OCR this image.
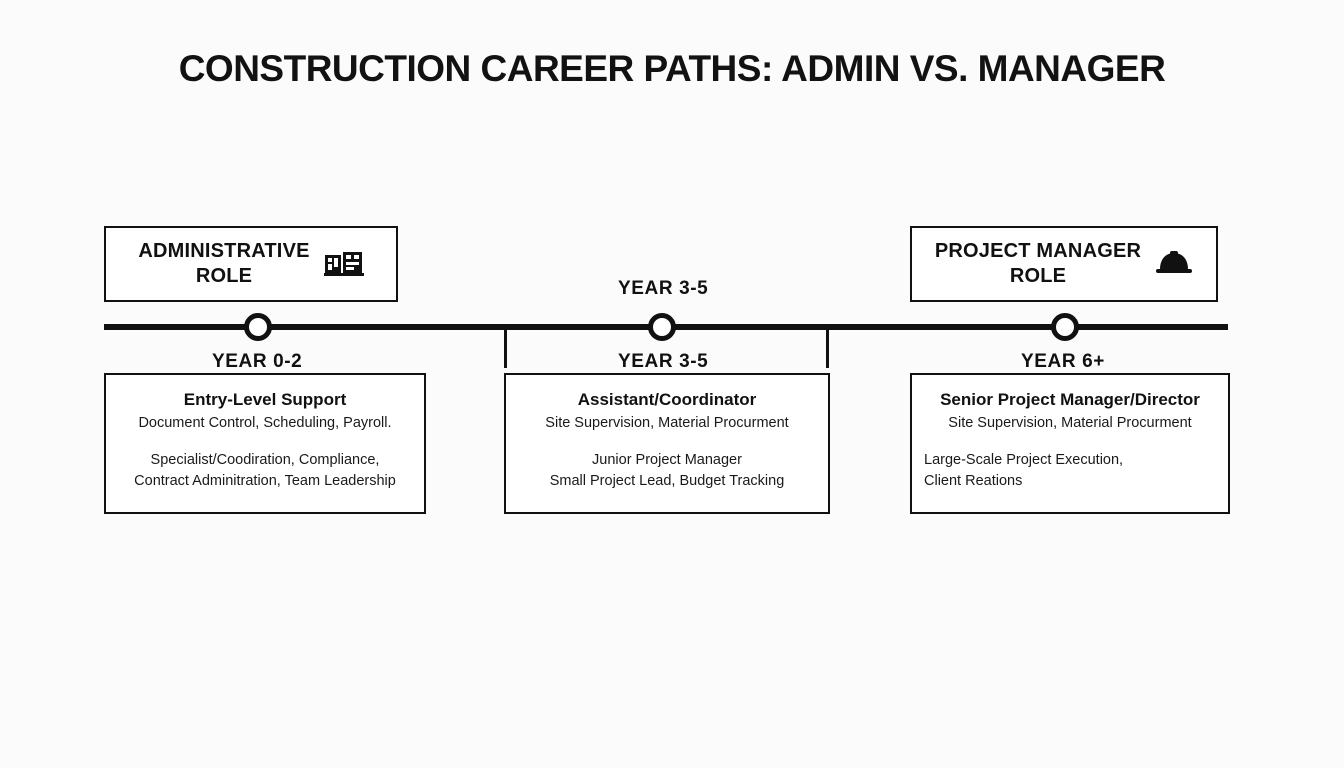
CONSTRUCTION CAREER PATHS: ADMIN VS. MANAGER
ADMINISTRATIVE
ROLE
PROJECT MANAGER
ROLE
YEAR 3-5
YEAR 0-2	YEAR 3-5	YEAR 6+
Entry-Level Support
Document Control, Scheduling, Payroll.
Specialist/Coodiration, Compliance,
Contract Adminitration, Team Leadership
Assistant/Coordinator
Site Supervision, Material Procurment
Junior Project Manager
Small Project Lead, Budget Tracking
Senior Project Manager/Director
Site Supervision, Material Procurment
Large-Scale Project Execution,
Client Reations
